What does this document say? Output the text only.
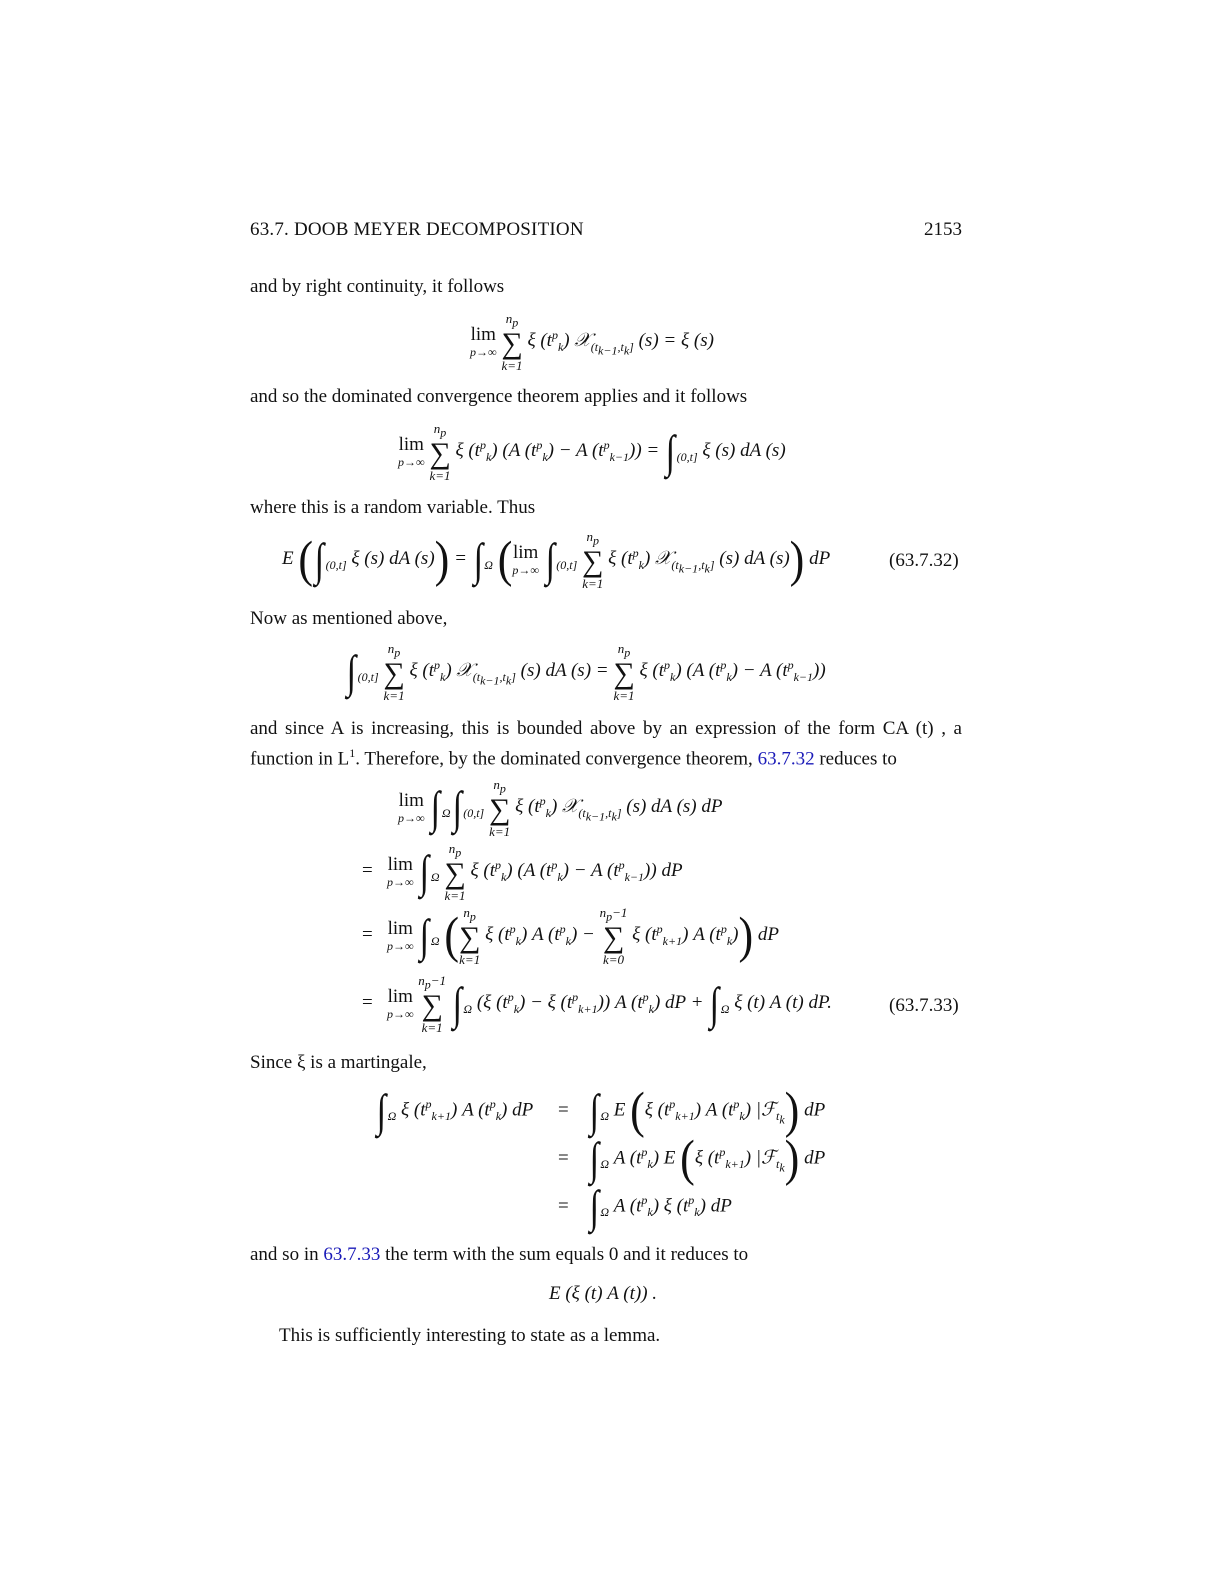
63.7. DOOB MEYER DECOMPOSITION	2153
and by right continuity, it follows
lim
p→∞

$n_p$
∑
k=1
ξ $(t^p_k)$ 𝒳$_{(t_{k-1},t_k]}$ (s) = ξ (s)
and so the dominated convergence theorem applies and it follows
lim
p→∞

$n_p$
∑
k=1
ξ $(t^p_k)$ (A $(t^p_k) - A$ $(t^p_{k-1})$) = ∫ $_{(0,t]}$ ξ (s) dA (s)
where this is a random variable. Thus
E (∫ $_{(0,t]}$ ξ (s) dA (s)) = ∫ $_\Omega$ (lim
p→∞ ∫ $_{(0,t]}$
$n_p$
∑
k=1
ξ $(t^p_k)$ 𝒳$_{(t_{k-1},t_k]}$ (s) dA (s)) dP	(63.7.32)
Now as mentioned above,
∫ $_{(0,t]}$
$n_p$
∑
k=1
ξ $(t^p_k)$ 𝒳$_{(t_{k-1},t_k]}$ (s) dA (s) =
$n_p$
∑
k=1
ξ $(t^p_k)$ (A $(t^p_k) - A$ $(t^p_{k-1})$)
and since A is increasing, this is bounded above by an expression of the form CA (t) , a function in $L^1$. Therefore, by the dominated convergence theorem, 63.7.32 reduces to
lim
p→∞ ∫ $_\Omega$∫ $_{(0,t]}$
$n_p$
∑
k=1
ξ $(t^p_k)$ 𝒳$_{(t_{k-1},t_k]}$ (s) dA (s) dP
= lim
p→∞ ∫ $_\Omega$
$n_p$
∑
k=1
ξ $(t^p_k)$ (A $(t^p_k) - A$ $(t^p_{k-1})$) dP
= lim
p→∞ ∫ $_\Omega$ ( $n_p$
∑
k=1
ξ $(t^p_k)$ A $(t^p_k)$ −
$n_p-1$
∑
k=0
ξ $(t^p_{k+1})$ A $(t^p_k)$) dP
= lim
p→∞

$n_p-1$
∑
k=1 ∫ $_\Omega$ (ξ $(t^p_k) - \xi$ $(t^p_{k+1})$) A $(t^p_k)$ dP + ∫ $_\Omega$ ξ (t) A (t) dP.	(63.7.33)
Since ξ is a martingale,
∫ $_\Omega$ ξ $(t^p_{k+1})$ A $(t^p_k)$ dP = ∫ $_\Omega$ E (ξ $(t^p_{k+1})$ A $(t^p_k)$ |ℱ$_{t_k}$) dP
= ∫ $_\Omega$ A $(t^p_k)$ E (ξ $(t^p_{k+1})$ |ℱ$_{t_k}$) dP
= ∫ $_\Omega$ A $(t^p_k)$ ξ $(t^p_k)$ dP
and so in 63.7.33 the term with the sum equals 0 and it reduces to
E (ξ (t) A (t)) .
This is sufficiently interesting to state as a lemma.
